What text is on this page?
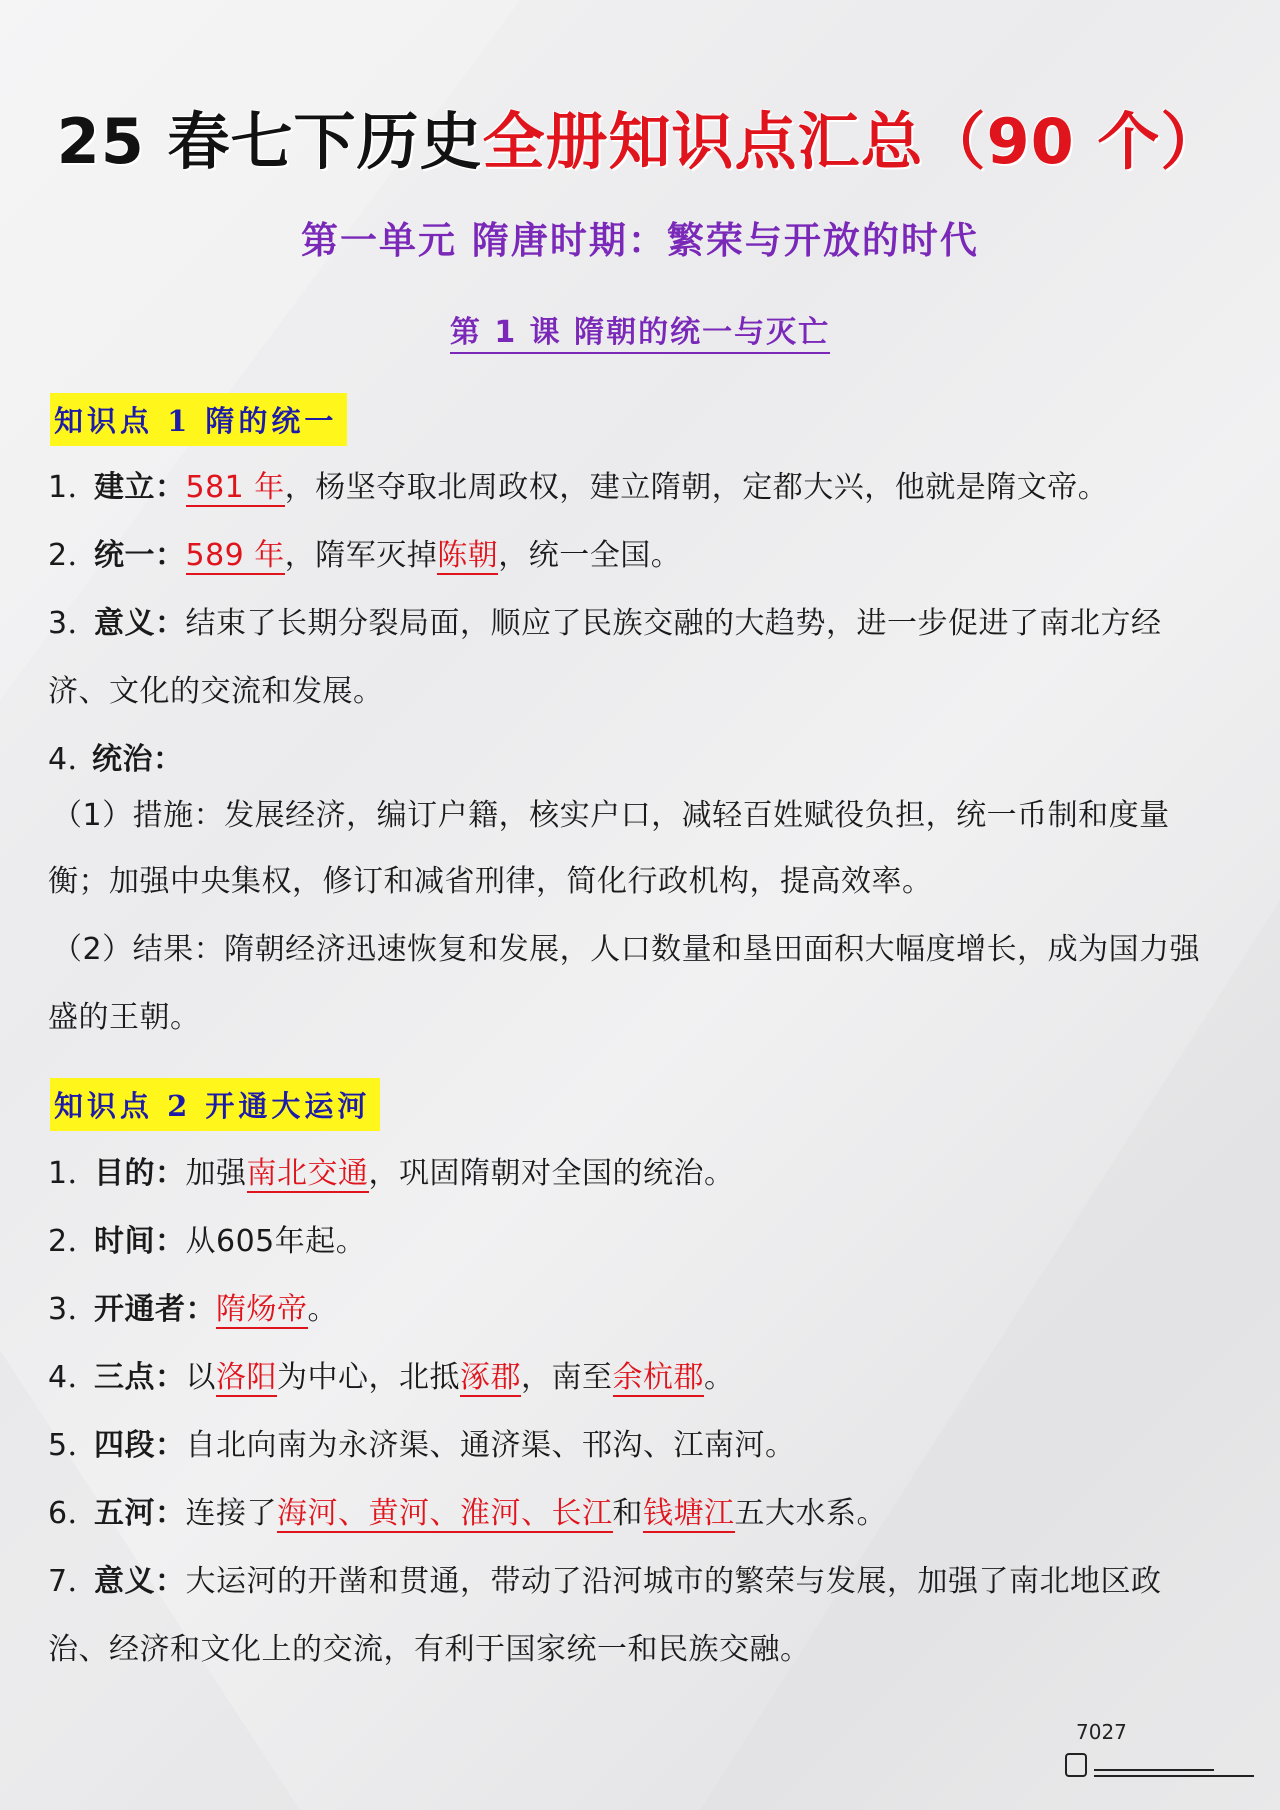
25 春七下历史全册知识点汇总（90 个）
第一单元 隋唐时期：繁荣与开放的时代
第 1 课 隋朝的统一与灭亡
知识点 1 隋的统一
1．建立：581 年，杨坚夺取北周政权，建立隋朝，定都大兴，他就是隋文帝。
2．统一：589 年，隋军灭掉陈朝，统一全国。
3．意义：结束了长期分裂局面，顺应了民族交融的大趋势，进一步促进了南北方经
济、文化的交流和发展。
4．统治：
（1）措施：发展经济，编订户籍，核实户口，减轻百姓赋役负担，统一币制和度量
衡；加强中央集权，修订和减省刑律，简化行政机构，提高效率。
（2）结果：隋朝经济迅速恢复和发展，人口数量和垦田面积大幅度增长，成为国力强
盛的王朝。
知识点 2 开通大运河
1．目的：加强南北交通，巩固隋朝对全国的统治。
2．时间：从605年起。
3．开通者：隋炀帝。
4．三点：以洛阳为中心，北抵涿郡，南至余杭郡。
5．四段：自北向南为永济渠、通济渠、邗沟、江南河。
6．五河：连接了海河、黄河、淮河、长江和钱塘江五大水系。
7．意义：大运河的开凿和贯通，带动了沿河城市的繁荣与发展，加强了南北地区政
治、经济和文化上的交流，有利于国家统一和民族交融。
7027
